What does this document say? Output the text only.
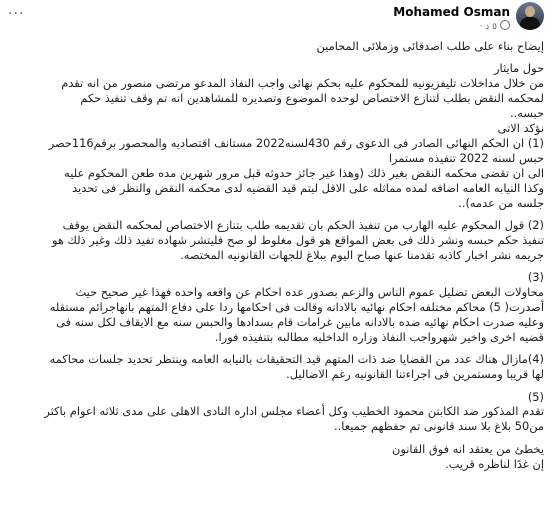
Mohamed Osman
٥ د ·
···

إيضاح بناء على طلب اصدقائى وزملائى المحامين

حول مايثار

من خلال مداخلات تليفزيونيه للمحكوم عليه بحكم نهائى واجب النفاذ المدعو مرتضى منصور من انه تقدم

لمحكمه النقض بطلب لتنازع الاختصاص لوحده الموضوع وتصديره للمشاهدين انه تم وقف تنفيذ حكم

حبسه..

نؤكد الاتى

(1) ان الحكم النهائى الصادر فى الدعوى رقم 430لسنه2022 مستانف اقتصاديه والمحصور برقم116حصر

حبس لسنه 2022 تنفيذه مستمرا

الى ان تقضى محكمه النقض بغير ذلك (وهذا غير جائز حدوثه قبل مرور شهرين مده طعن المحكوم عليه

وكذا النيابه العامه اضافه لمده مماثله على الاقل ليتم قيد القضيه لدى محكمه النقض والنظر فى تحديد

جلسه من عدمه)..

(2) قول المحكوم عليه الهارب من تنفيذ الحكم بان تقديمه طلب بتنازع الاختصاص لمحكمه النقض يوقف

تنفيذ حكم حبسه ونشر ذلك فى بعض المواقع هو قول مغلوط لو صح فليتشر شهاده تفيد ذلك وغير ذلك هو

جريمه نشر اخبار كاذبه تقدمنا عنها صباح اليوم ببلاغ للجهات القانونيه المختصه.

(3)

محاولات البعض تضليل عموم الناس والزعم بصدور عده احكام عن واقعه واحده فهذا غير صحيح حيث

أصدرت( 5) محاكم مختلفه احكام نهائيه بالادانه وقالت فى احكامها ردا على دفاع المتهم بانهاجرائم مستقله

وعليه صدرت احكام نهائيه ضده بالادانه مابين غرامات قام بسدادها والحبس سنه مع الايقاف لكل سنه فى

قضيه اخرى واخير شهرواجب النفاذ وزاره الداخليه مطالبه بتنفيذه فورا.

(4)مازال هناك عدد من القضايا ضد ذات المتهم قيد التحقيقات بالنيابه العامه وينتظر تحديد جلسات محاكمه

لها قريبا ومستمرين فى اجراءتنا القانونيه رغم الاضاليل.

(5)

تقدم المذكور ضد الكابتن محمود الخطيب وكل أعضاء مجلس اداره النادى الاهلى على مدى ثلاثه اعوام باكثر

من50 بلاغ بلا سند قانونى تم حفظهم جميعا..

يخطئ من يعتقد انه فوق القانون

إن غدًا لناظره قريب.
